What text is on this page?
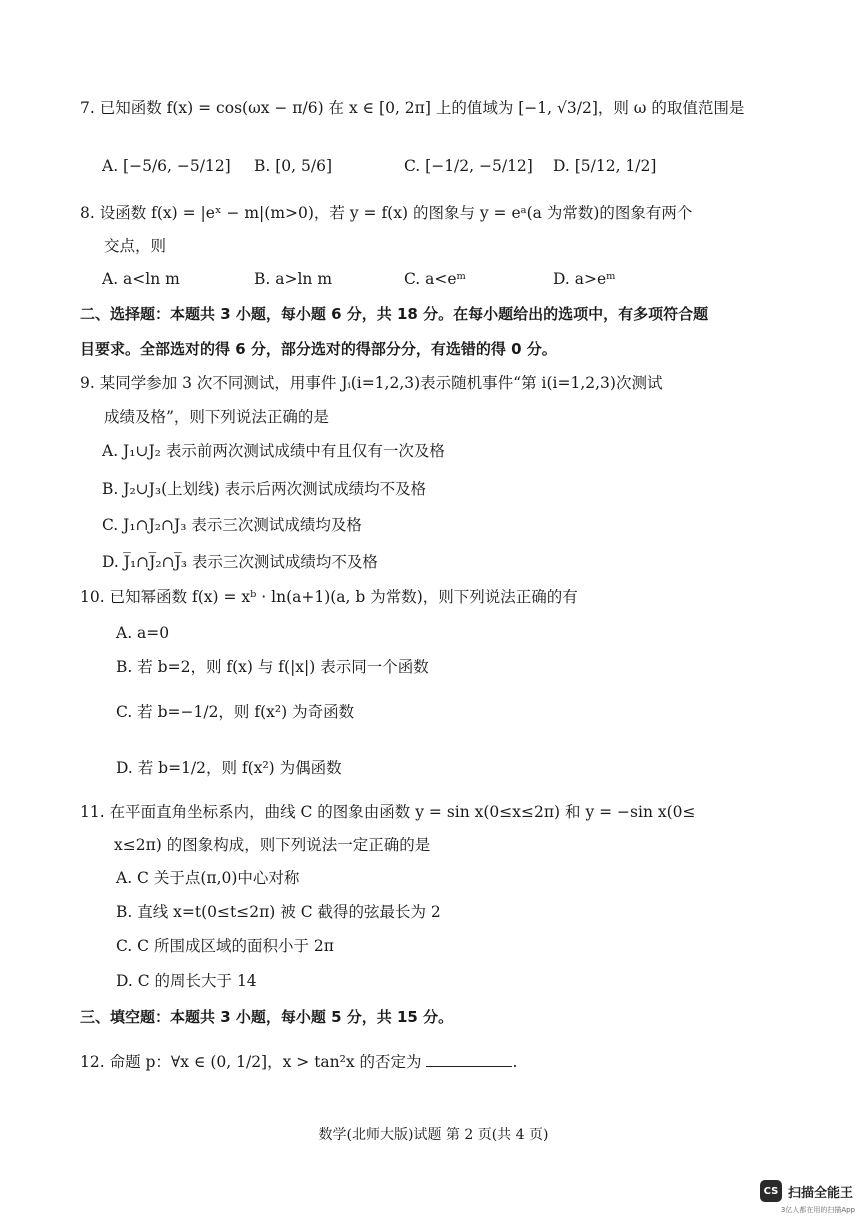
7. 已知函数 f(x) = cos(ωx − π/6) 在 x ∈ [0, 2π] 上的值域为 [−1, √3/2]，则 ω 的取值范围是
A. [−5/6, −5/12] B. [0, 5/6]	C. [−1/2, −5/12] D. [5/12, 1/2]
8. 设函数 f(x) = |eˣ − m|(m>0)，若 y = f(x) 的图象与 y = eᵃ(a 为常数)的图象有两个
交点，则
A. a<ln m	B. a>ln m	C. a<eᵐ	D. a>eᵐ
二、选择题：本题共 3 小题，每小题 6 分，共 18 分。在每小题给出的选项中，有多项符合题
目要求。全部选对的得 6 分，部分选对的得部分分，有选错的得 0 分。
9. 某同学参加 3 次不同测试，用事件 Jᵢ(i=1,2,3)表示随机事件“第 i(i=1,2,3)次测试
成绩及格”，则下列说法正确的是
A. J₁∪J₂ 表示前两次测试成绩中有且仅有一次及格
B. J₂∪J₃(上划线) 表示后两次测试成绩均不及格
C. J₁∩J₂∩J₃ 表示三次测试成绩均及格
D. J̅₁∩J̅₂∩J̅₃ 表示三次测试成绩均不及格
10. 已知幂函数 f(x) = xᵇ · ln(a+1)(a, b 为常数)，则下列说法正确的有
A. a=0
B. 若 b=2，则 f(x) 与 f(|x|) 表示同一个函数
C. 若 b=−1/2，则 f(x²) 为奇函数
D. 若 b=1/2，则 f(x²) 为偶函数
11. 在平面直角坐标系内，曲线 C 的图象由函数 y = sin x(0≤x≤2π) 和 y = −sin x(0≤
x≤2π) 的图象构成，则下列说法一定正确的是
A. C 关于点(π,0)中心对称
B. 直线 x=t(0≤t≤2π) 被 C 截得的弦最长为 2
C. C 所围成区域的面积小于 2π
D. C 的周长大于 14
三、填空题：本题共 3 小题，每小题 5 分，共 15 分。
12. 命题 p：∀x ∈ (0, 1/2]，x > tan²x 的否定为	.
数学(北师大版)试题 第 2 页(共 4 页)
CS 扫描全能王
3亿人都在用的扫描App
